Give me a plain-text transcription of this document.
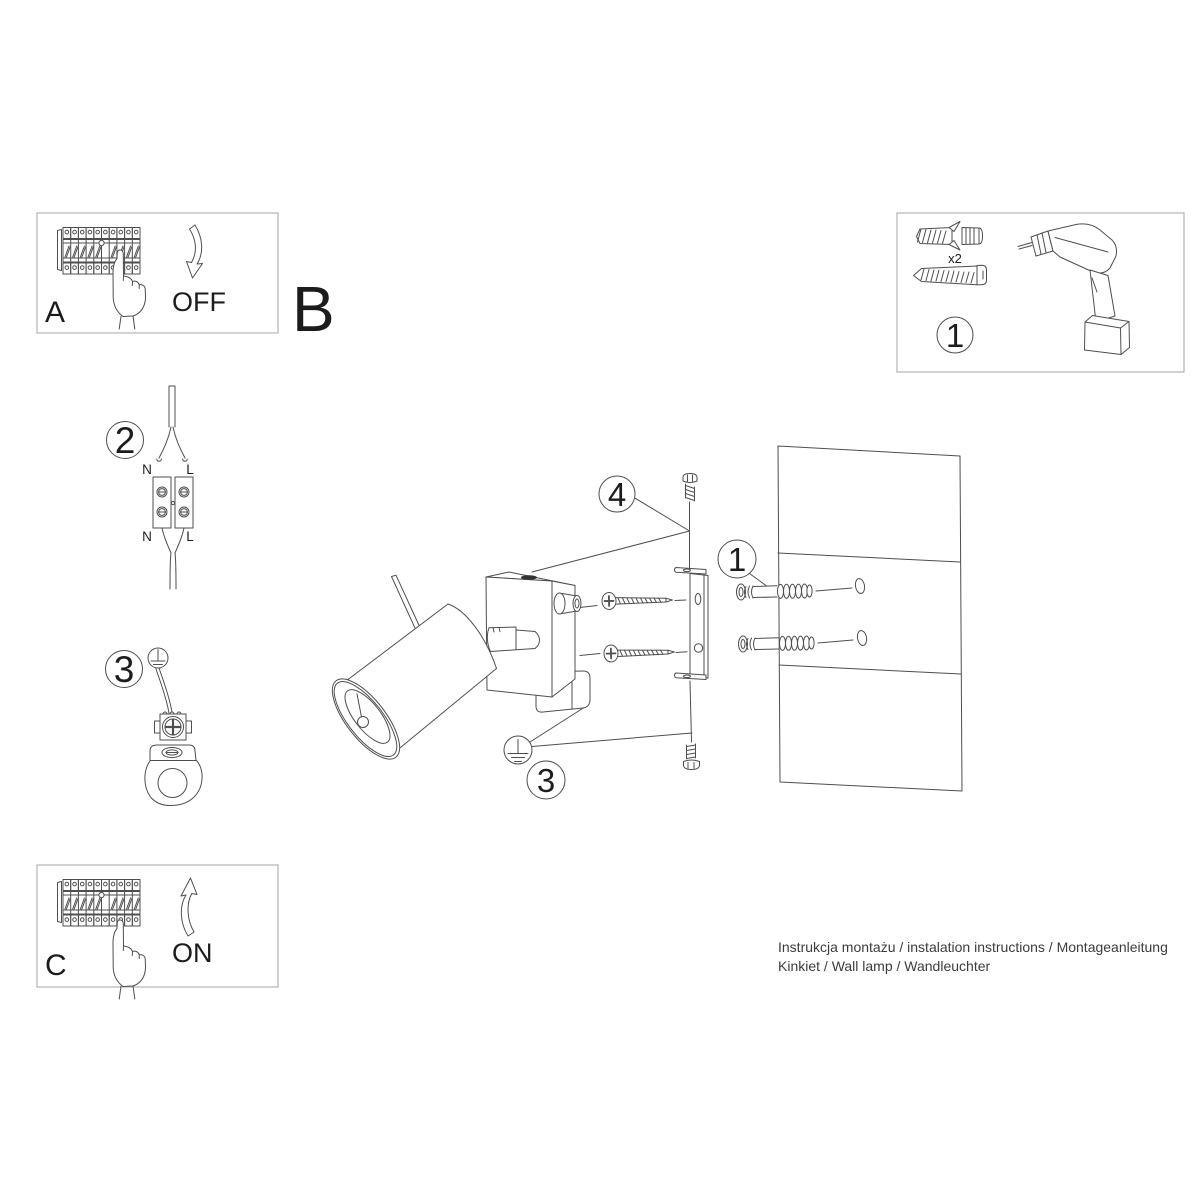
A	OFF B
C	ON
x2
1
2
N	L
N	L
3
4
1
3
Instrukcja montażu / instalation instructions / Montageanleitung
Kinkiet / Wall lamp / Wandleuchter
